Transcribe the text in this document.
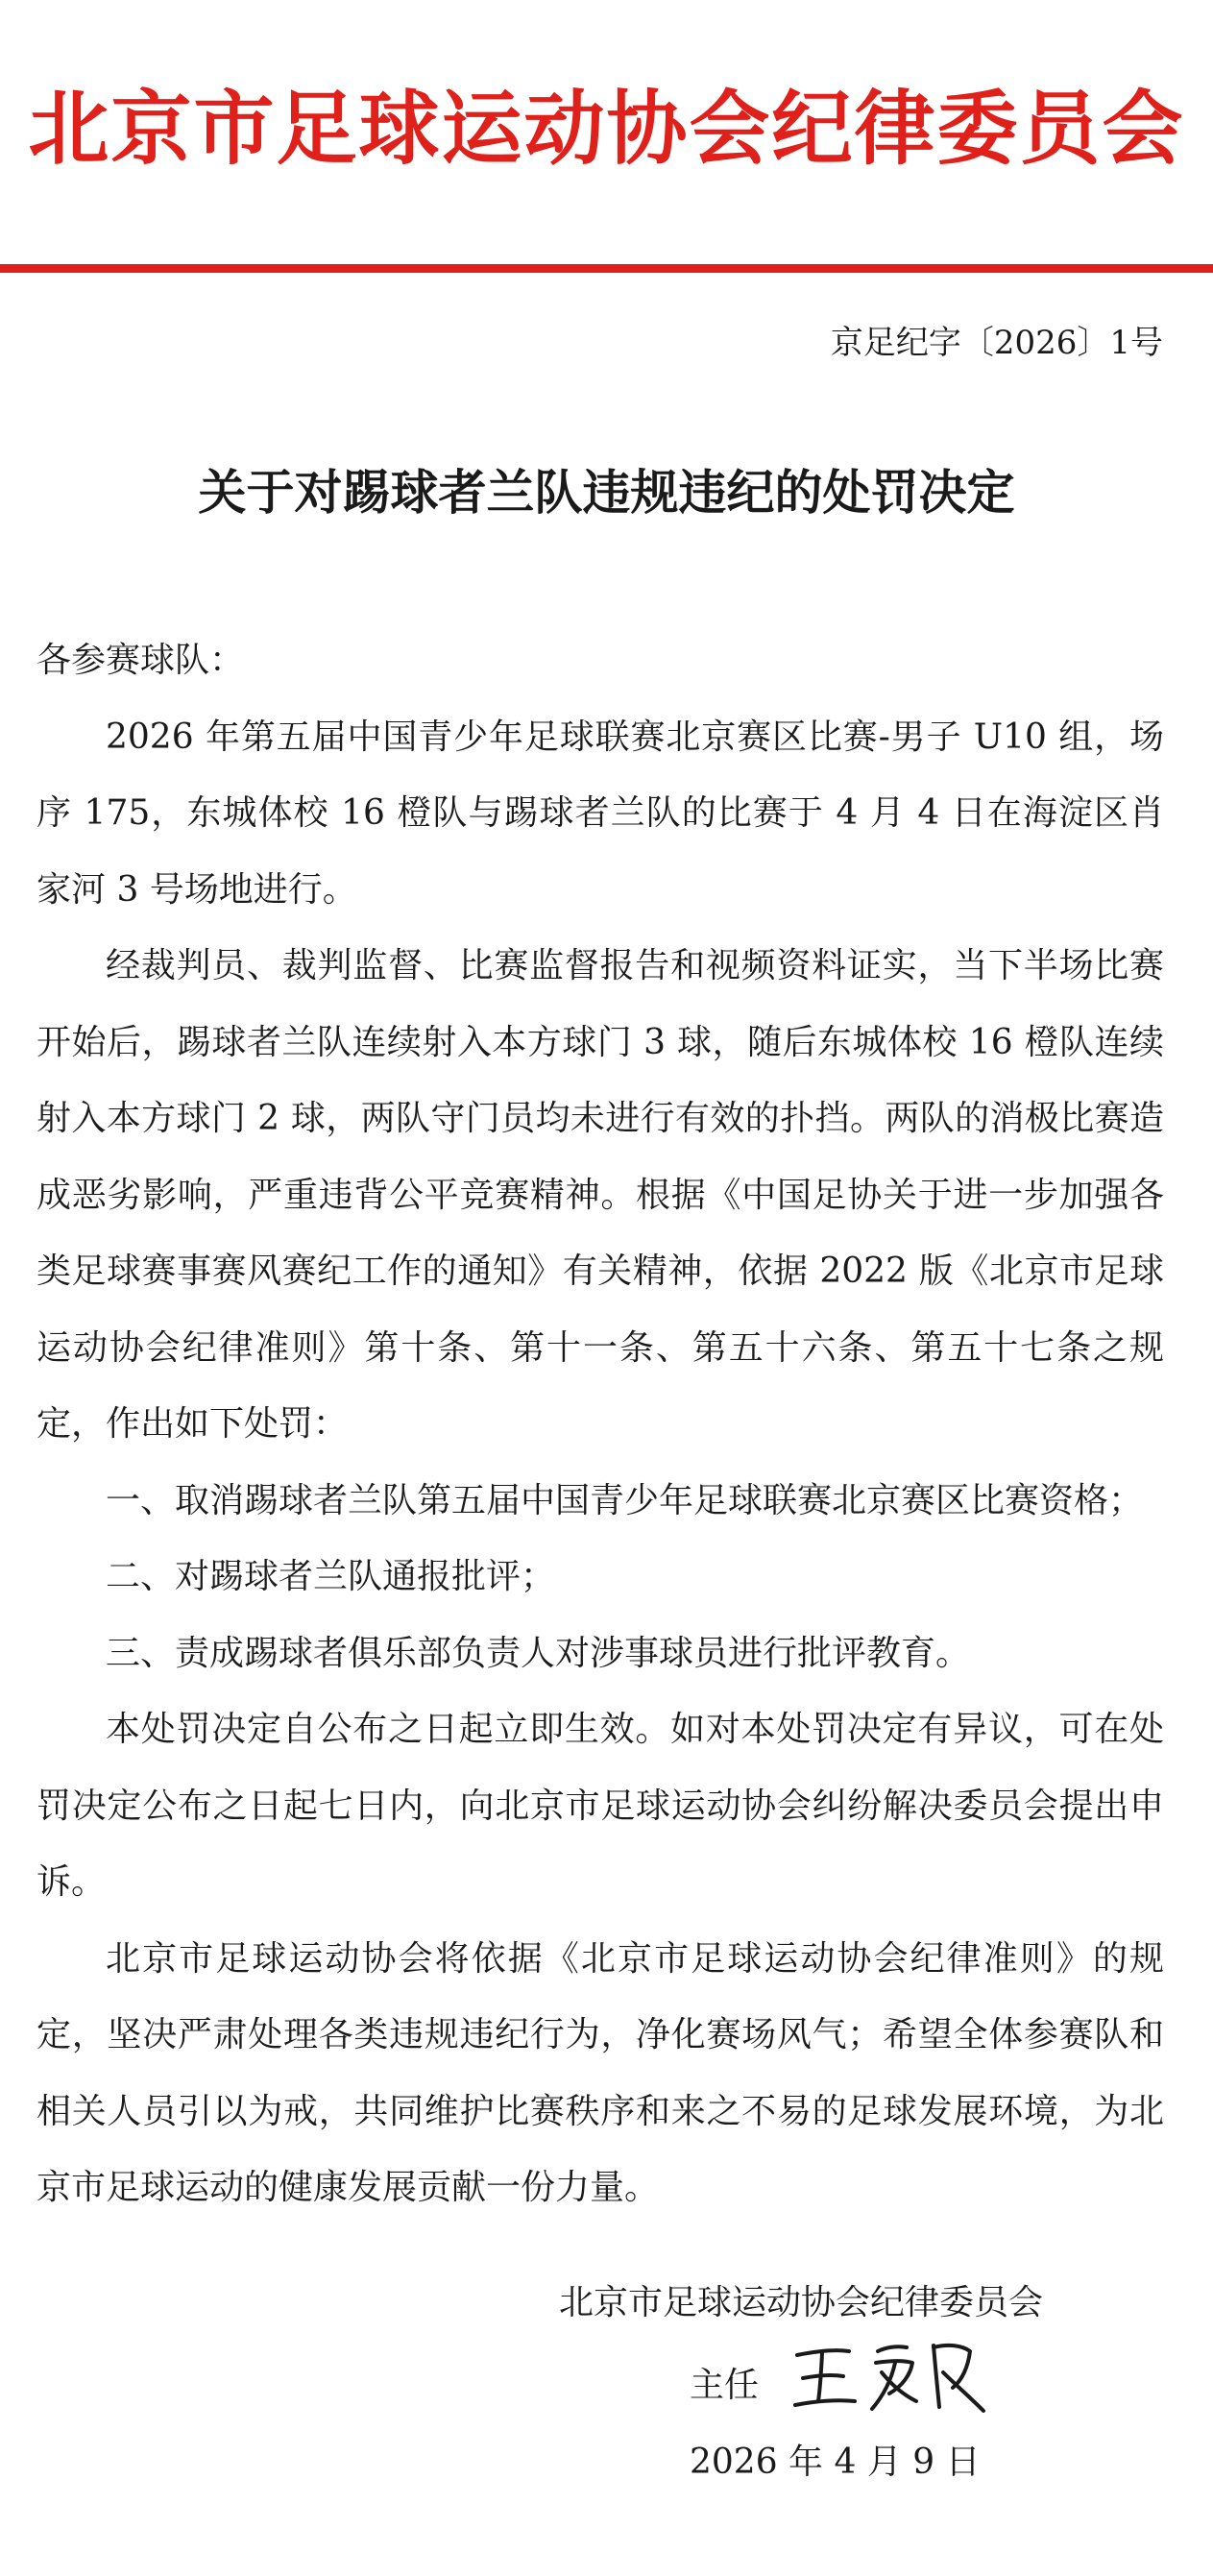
北京市足球运动协会纪律委员会
京足纪字〔2026〕1号
关于对踢球者兰队违规违纪的处罚决定

各参赛球队：

2026 年第五届中国青少年足球联赛北京赛区比赛-男子 U10 组，场序 175，东城体校 16 橙队与踢球者兰队的比赛于 4 月 4 日在海淀区肖家河 3 号场地进行。

经裁判员、裁判监督、比赛监督报告和视频资料证实，当下半场比赛开始后，踢球者兰队连续射入本方球门 3 球，随后东城体校 16 橙队连续射入本方球门 2 球，两队守门员均未进行有效的扑挡。两队的消极比赛造成恶劣影响，严重违背公平竞赛精神。根据《中国足协关于进一步加强各类足球赛事赛风赛纪工作的通知》有关精神，依据 2022 版《北京市足球运动协会纪律准则》第十条、第十一条、第五十六条、第五十七条之规定，作出如下处罚：

一、取消踢球者兰队第五届中国青少年足球联赛北京赛区比赛资格；

二、对踢球者兰队通报批评；

三、责成踢球者俱乐部负责人对涉事球员进行批评教育。

本处罚决定自公布之日起立即生效。如对本处罚决定有异议，可在处罚决定公布之日起七日内，向北京市足球运动协会纠纷解决委员会提出申诉。

北京市足球运动协会将依据《北京市足球运动协会纪律准则》的规定，坚决严肃处理各类违规违纪行为，净化赛场风气；希望全体参赛队和相关人员引以为戒，共同维护比赛秩序和来之不易的足球发展环境，为北京市足球运动的健康发展贡献一份力量。

北京市足球运动协会纪律委员会
主任
2026 年 4 月 9 日
